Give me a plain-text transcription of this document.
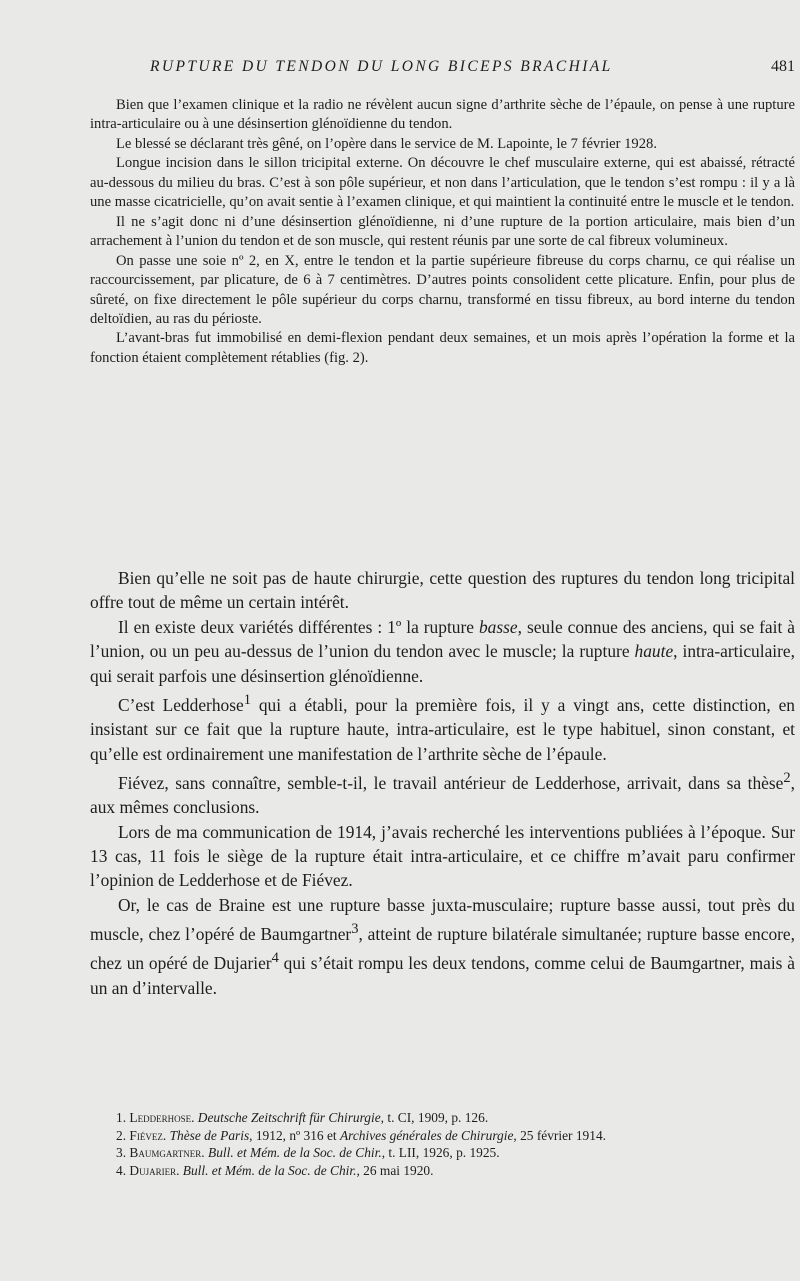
RUPTURE DU TENDON DU LONG BICEPS BRACHIAL	481

Bien que l’examen clinique et la radio ne révèlent aucun signe d’arthrite sèche de l’épaule, on pense à une rupture intra-articulaire ou à une désinsertion glénoïdienne du tendon.

Le blessé se déclarant très gêné, on l’opère dans le service de M. Lapointe, le 7 février 1928.

Longue incision dans le sillon tricipital externe. On découvre le chef musculaire externe, qui est abaissé, rétracté au-dessous du milieu du bras. C’est à son pôle supérieur, et non dans l’articulation, que le tendon s’est rompu : il y a là une masse cicatricielle, qu’on avait sentie à l’examen clinique, et qui maintient la continuité entre le muscle et le tendon.

Il ne s’agit donc ni d’une désinsertion glénoïdienne, ni d’une rupture de la portion articulaire, mais bien d’un arrachement à l’union du tendon et de son muscle, qui restent réunis par une sorte de cal fibreux volumineux.

On passe une soie nº 2, en X, entre le tendon et la partie supérieure fibreuse du corps charnu, ce qui réalise un raccourcissement, par plicature, de 6 à 7 centimètres. D’autres points consolident cette plicature. Enfin, pour plus de sûreté, on fixe directement le pôle supérieur du corps charnu, transformé en tissu fibreux, au bord interne du tendon deltoïdien, au ras du périoste.

L’avant-bras fut immobilisé en demi-flexion pendant deux semaines, et un mois après l’opération la forme et la fonction étaient complètement rétablies (fig. 2).

Bien qu’elle ne soit pas de haute chirurgie, cette question des ruptures du tendon long tricipital offre tout de même un certain intérêt.

Il en existe deux variétés différentes : 1º la rupture basse, seule connue des anciens, qui se fait à l’union, ou un peu au-dessus de l’union du tendon avec le muscle; la rupture haute, intra-articulaire, qui serait parfois une désinsertion glénoïdienne.

C’est Ledderhose$^1$ qui a établi, pour la première fois, il y a vingt ans, cette distinction, en insistant sur ce fait que la rupture haute, intra-articulaire, est le type habituel, sinon constant, et qu’elle est ordinairement une manifestation de l’arthrite sèche de l’épaule.

Fiévez, sans connaître, semble-t-il, le travail antérieur de Ledderhose, arrivait, dans sa thèse$^2$, aux mêmes conclusions.

Lors de ma communication de 1914, j’avais recherché les interventions publiées à l’époque. Sur 13 cas, 11 fois le siège de la rupture était intra-articulaire, et ce chiffre m’avait paru confirmer l’opinion de Ledderhose et de Fiévez.

Or, le cas de Braine est une rupture basse juxta-musculaire; rupture basse aussi, tout près du muscle, chez l’opéré de Baumgartner$^3$, atteint de rupture bilatérale simultanée; rupture basse encore, chez un opéré de Dujarier$^4$ qui s’était rompu les deux tendons, comme celui de Baumgartner, mais à un an d’intervalle.

1. Ledderhose. Deutsche Zeitschrift für Chirurgie, t. CI, 1909, p. 126.

2. Fiévez. Thèse de Paris, 1912, nº 316 et Archives générales de Chirurgie, 25 février 1914.

3. Baumgartner. Bull. et Mém. de la Soc. de Chir., t. LII, 1926, p. 1925.

4. Dujarier. Bull. et Mém. de la Soc. de Chir., 26 mai 1920.
